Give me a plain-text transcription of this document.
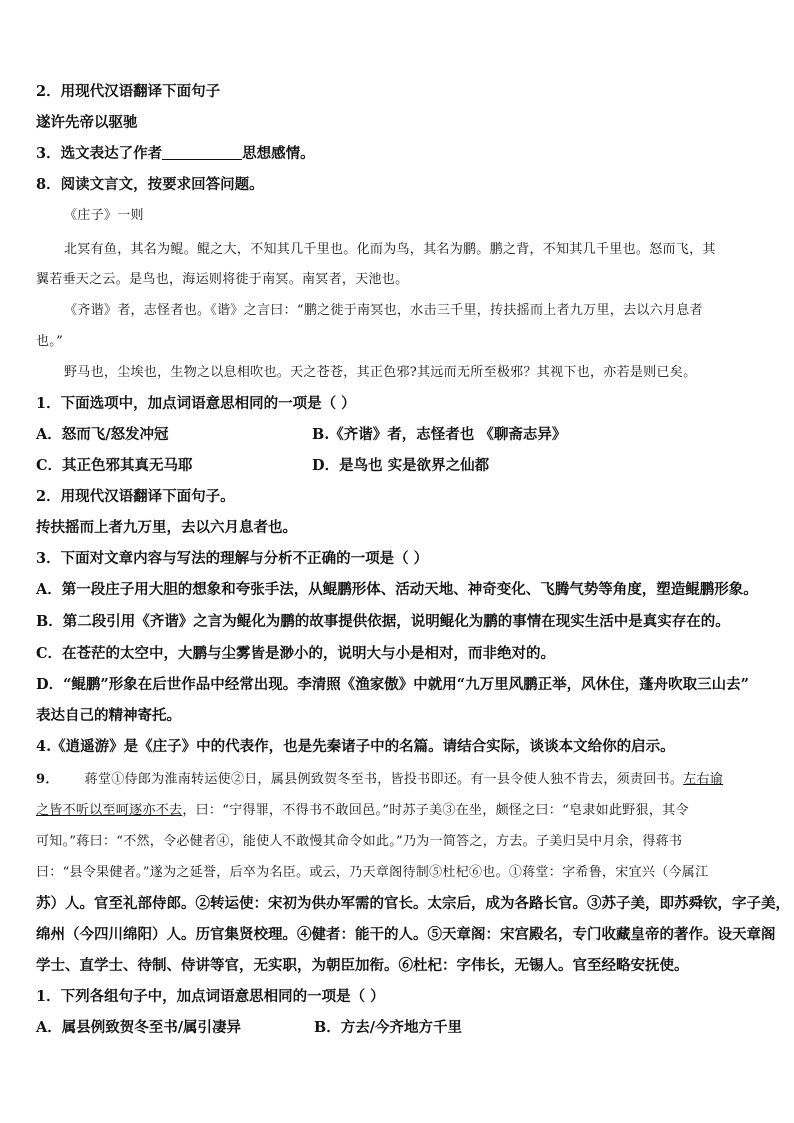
2．用现代汉语翻译下面句子
遂许先帝以驱驰
3．选文表达了作者	思想感情。
8．阅读文言文，按要求回答问题。
《庄子》一则
北冥有鱼，其名为鲲。鲲之大，不知其几千里也。化而为鸟，其名为鹏。鹏之背，不知其几千里也。怒而飞，其
翼若垂天之云。是鸟也，海运则将徙于南冥。南冥者，天池也。
《齐谐》者，志怪者也。《谐》之言曰：“鹏之徙于南冥也，水击三千里，抟扶摇而上者九万里，去以六月息者
也。”
野马也，尘埃也，生物之以息相吹也。天之苍苍，其正色邪?其远而无所至极邪？其视下也，亦若是则已矣。
1．下面选项中，加点词语意思相同的一项是（ ）
A．怒而飞/怒发冲冠	B.《齐谐》者，志怪者也 《聊斋志异》
C．其正色邪其真无马耶	D．是鸟也 实是欲界之仙都
2．用现代汉语翻译下面句子。
抟扶摇而上者九万里，去以六月息者也。
3．下面对文章内容与写法的理解与分析不正确的一项是（ ）
A．第一段庄子用大胆的想象和夸张手法，从鲲鹏形体、活动天地、神奇变化、飞腾气势等角度，塑造鲲鹏形象。
B．第二段引用《齐谐》之言为鲲化为鹏的故事提供依据，说明鲲化为鹏的事情在现实生活中是真实存在的。
C．在苍茫的太空中，大鹏与尘雾皆是渺小的，说明大与小是相对，而非绝对的。
D．“鲲鹏”形象在后世作品中经常出现。李清照《渔家傲》中就用“九万里风鹏正举，风休住，蓬舟吹取三山去”
表达自己的精神寄托。
4.《逍遥游》是《庄子》中的代表作，也是先秦诸子中的名篇。请结合实际，谈谈本文给你的启示。
9． 蒋堂①侍郎为淮南转运使②日，属县例致贺冬至书，皆投书即还。有一县令使人独不肯去，须责回书。左右谕
之皆不听以至呵逐亦不去，曰：“宁得罪，不得书不敢回邑。”时苏子美③在坐，颇怪之曰：“皂隶如此野狠，其令
可知。”蒋曰：“不然，令必健者④，能使人不敢慢其命令如此。”乃为一简答之，方去。子美归吴中月余，得蒋书
曰：“县令果健者。”遂为之延誉，后卒为名臣。或云，乃天章阁待制⑤杜杞⑥也。①蒋堂：字希鲁，宋宜兴（今属江
苏）人。官至礼部侍郎。②转运使：宋初为供办军需的官长。太宗后，成为各路长官。③苏子美，即苏舜钦，字子美，
绵州（今四川绵阳）人。历官集贤校理。④健者：能干的人。⑤天章阁：宋宫殿名，专门收藏皇帝的著作。设天章阁
学士、直学士、待制、侍讲等官，无实职，为朝臣加衔。⑥杜杞：字伟长，无锡人。官至经略安抚使。
1．下列各组句子中，加点词语意思相同的一项是（ ）
A．属县例致贺冬至书/属引凄异	B．方去/今齐地方千里
